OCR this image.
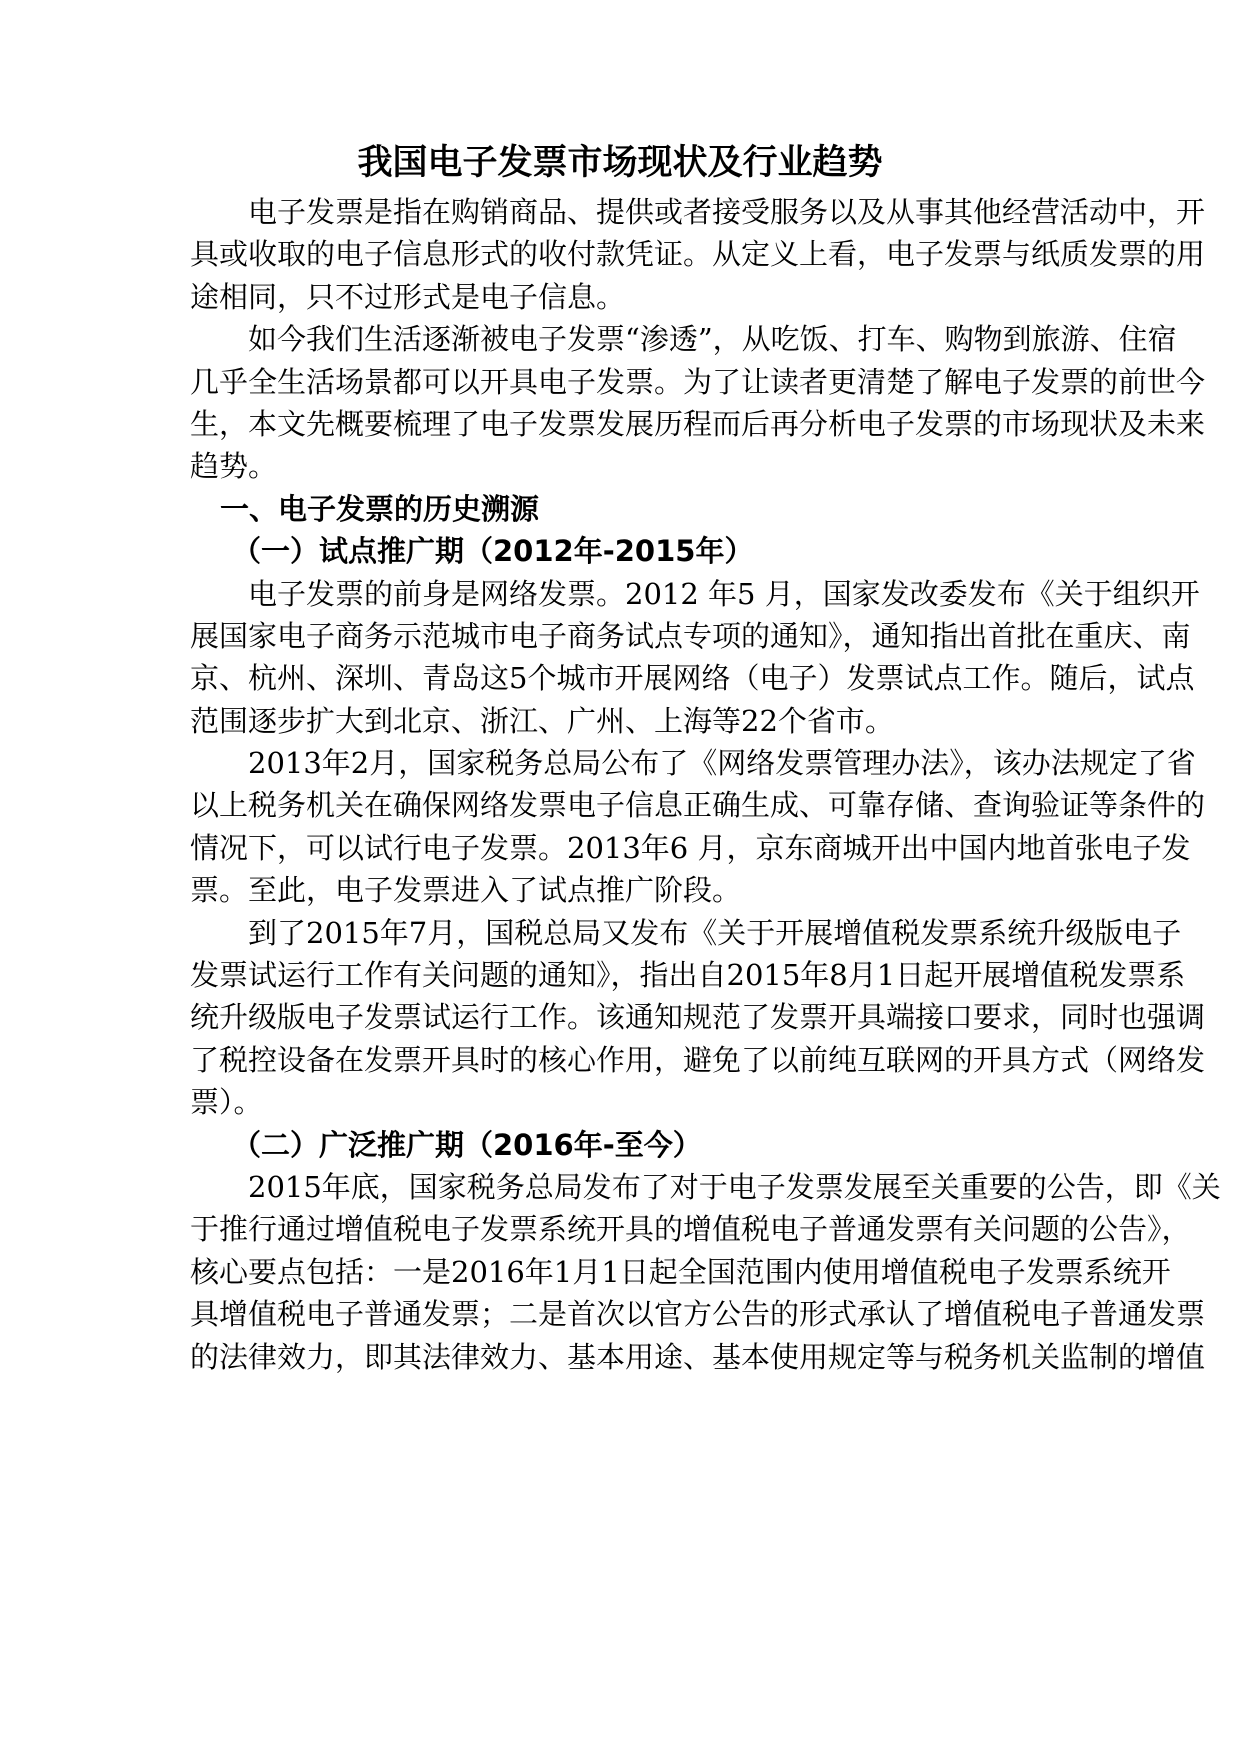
我国电子发票市场现状及行业趋势
电子发票是指在购销商品、提供或者接受服务以及从事其他经营活动中，开
具或收取的电子信息形式的收付款凭证。从定义上看，电子发票与纸质发票的用
途相同，只不过形式是电子信息。
如今我们生活逐渐被电子发票“渗透”，从吃饭、打车、购物到旅游、住宿
几乎全生活场景都可以开具电子发票。为了让读者更清楚了解电子发票的前世今
生，本文先概要梳理了电子发票发展历程而后再分析电子发票的市场现状及未来
趋势。
一、电子发票的历史溯源
（一）试点推广期（2012年-2015年）
电子发票的前身是网络发票。2012 年5 月，国家发改委发布《关于组织开
展国家电子商务示范城市电子商务试点专项的通知》，通知指出首批在重庆、南
京、杭州、深圳、青岛这5个城市开展网络（电子）发票试点工作。随后，试点
范围逐步扩大到北京、浙江、广州、上海等22个省市。
2013年2月，国家税务总局公布了《网络发票管理办法》，该办法规定了省
以上税务机关在确保网络发票电子信息正确生成、可靠存储、查询验证等条件的
情况下，可以试行电子发票。2013年6 月，京东商城开出中国内地首张电子发
票。至此，电子发票进入了试点推广阶段。
到了2015年7月，国税总局又发布《关于开展增值税发票系统升级版电子
发票试运行工作有关问题的通知》，指出自2015年8月1日起开展增值税发票系
统升级版电子发票试运行工作。该通知规范了发票开具端接口要求，同时也强调
了税控设备在发票开具时的核心作用，避免了以前纯互联网的开具方式（网络发
票）。
（二）广泛推广期（2016年-至今）
2015年底，国家税务总局发布了对于电子发票发展至关重要的公告，即《关
于推行通过增值税电子发票系统开具的增值税电子普通发票有关问题的公告》，
核心要点包括：一是2016年1月1日起全国范围内使用增值税电子发票系统开
具增值税电子普通发票；二是首次以官方公告的形式承认了增值税电子普通发票
的法律效力，即其法律效力、基本用途、基本使用规定等与税务机关监制的增值
